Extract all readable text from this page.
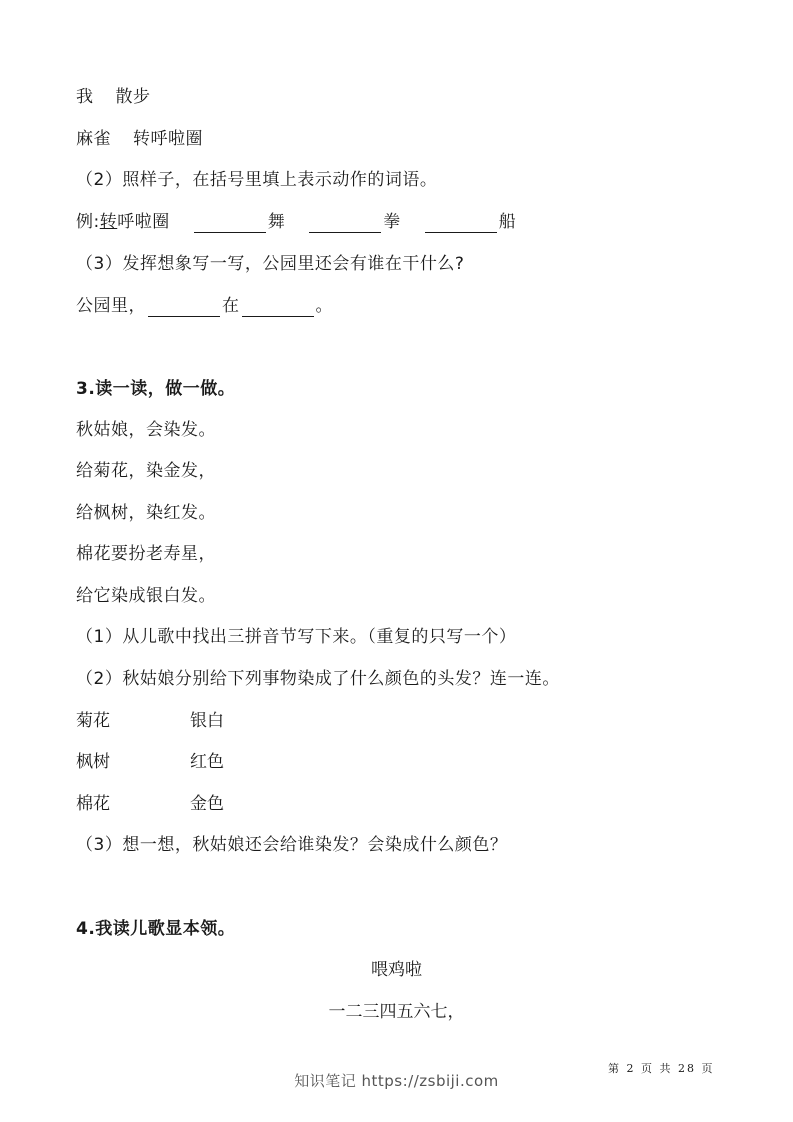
我 散步
麻雀 转呼啦圈
（2）照样子，在括号里填上表示动作的词语。
例:转呼啦圈	舞	拳	船
（3）发挥想象写一写，公园里还会有谁在干什么?
公园里，	在	。
3.读一读，做一做。
秋姑娘，会染发。
给菊花，染金发，
给枫树，染红发。
棉花要扮老寿星，
给它染成银白发。
（1）从儿歌中找出三拼音节写下来。（重复的只写一个）
（2）秋姑娘分别给下列事物染成了什么颜色的头发？连一连。
菊花	银白
枫树	红色
棉花	金色
（3）想一想，秋姑娘还会给谁染发？会染成什么颜色？
4.我读儿歌显本领。
喂鸡啦
一二三四五六七，
第 2 页 共 28 页
知识笔记 https://zsbiji.com
